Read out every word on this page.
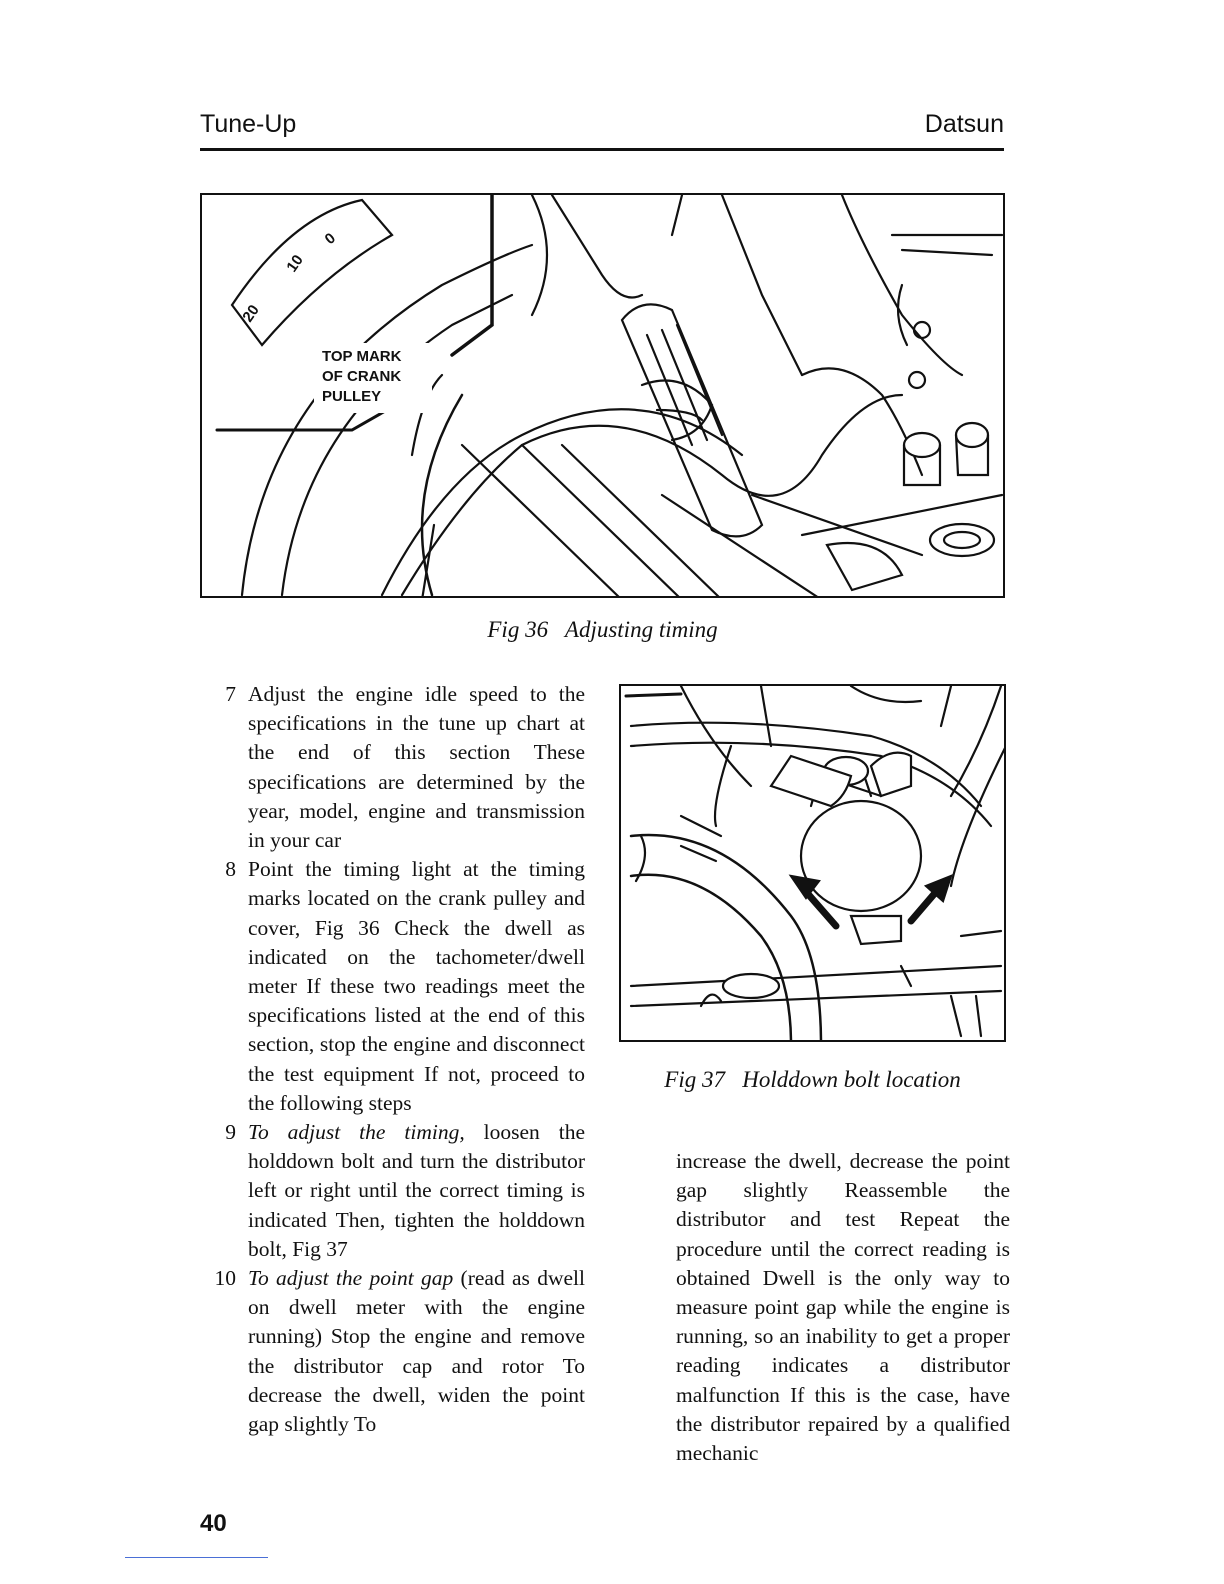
Tune-Up	Datsun
20
10
0
TOP MARK
OF CRANK
PULLEY
Fig 36   Adjusting timing
7 Adjust the engine idle speed to the specifications in the tune up chart at the end of this section These specifications are determined by the year, model, engine and transmission in your car
8 Point the timing light at the timing marks located on the crank pulley and cover, Fig 36 Check the dwell as indicated on the tachometer/dwell meter If these two readings meet the specifications listed at the end of this section, stop the engine and disconnect the test equipment If not, proceed to the following steps
9 To adjust the timing, loosen the holddown bolt and turn the distributor left or right until the correct timing is indicated Then, tighten the holddown bolt, Fig 37
10 To adjust the point gap (read as dwell on dwell meter with the engine running) Stop the engine and remove the distributor cap and rotor To decrease the dwell, widen the point gap slightly To
Fig 37   Holddown bolt location
increase the dwell, decrease the point gap slightly Reassemble the distributor and test Repeat the procedure until the correct reading is obtained Dwell is the only way to measure point gap while the engine is running, so an inability to get a proper reading indicates a distributor malfunction If this is the case, have the distributor repaired by a qualified mechanic
40
